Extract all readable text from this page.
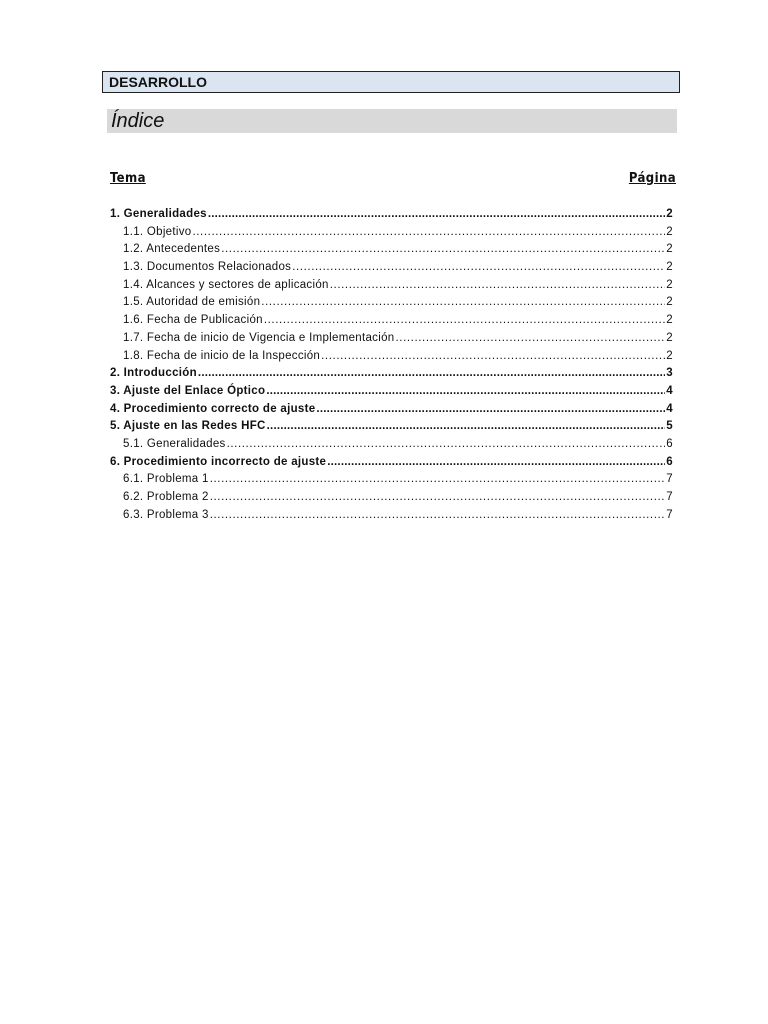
DESARROLLO
Índice
Tema	Página
1. Generalidades .....	2
1.1. Objetivo .....	2
1.2. Antecedentes .....	2
1.3. Documentos Relacionados .....	2
1.4. Alcances y sectores de aplicación .....	2
1.5. Autoridad de emisión .....	2
1.6. Fecha de Publicación .....	2
1.7. Fecha de inicio de Vigencia e Implementación .....	2
1.8. Fecha de inicio de la Inspección .....	2
2. Introducción .....	3
3. Ajuste del Enlace Óptico .....	4
4. Procedimiento correcto de ajuste .....	4
5. Ajuste en las Redes HFC .....	5
5.1. Generalidades .....	6
6. Procedimiento incorrecto de ajuste .....	6
6.1. Problema 1 .....	7
6.2. Problema 2 .....	7
6.3. Problema 3 .....	7
